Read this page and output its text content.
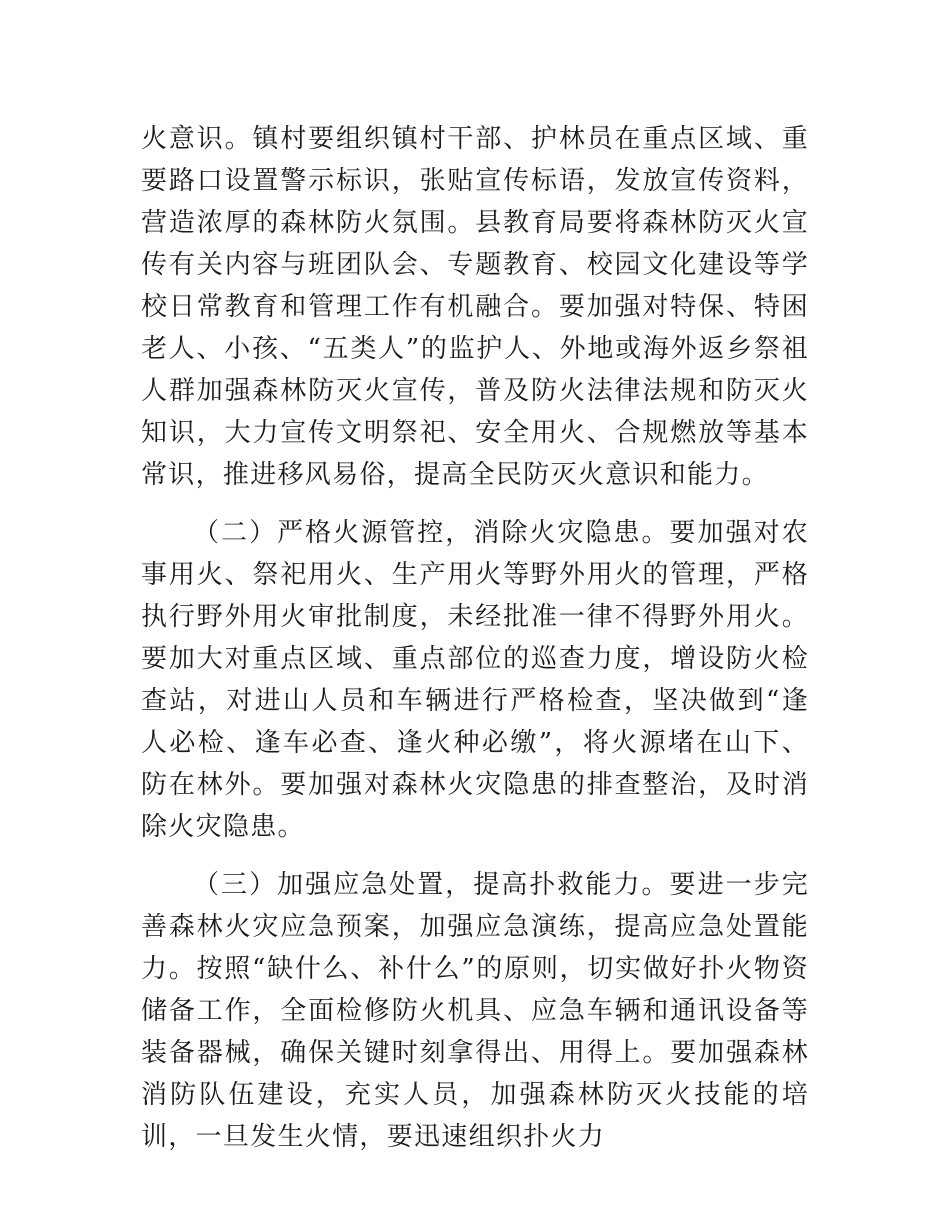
火意识。镇村要组织镇村干部、护林员在重点区域、重要路口设置警示标识，张贴宣传标语，发放宣传资料，营造浓厚的森林防火氛围。县教育局要将森林防灭火宣传有关内容与班团队会、专题教育、校园文化建设等学校日常教育和管理工作有机融合。要加强对特保、特困老人、小孩、“五类人”的监护人、外地或海外返乡祭祖人群加强森林防灭火宣传，普及防火法律法规和防灭火知识，大力宣传文明祭祀、安全用火、合规燃放等基本常识，推进移风易俗，提高全民防灭火意识和能力。

（二）严格火源管控，消除火灾隐患。要加强对农事用火、祭祀用火、生产用火等野外用火的管理，严格执行野外用火审批制度，未经批准一律不得野外用火。要加大对重点区域、重点部位的巡查力度，增设防火检查站，对进山人员和车辆进行严格检查，坚决做到“逢人必检、逢车必查、逢火种必缴”，将火源堵在山下、防在林外。要加强对森林火灾隐患的排查整治，及时消除火灾隐患。

（三）加强应急处置，提高扑救能力。要进一步完善森林火灾应急预案，加强应急演练，提高应急处置能力。按照“缺什么、补什么”的原则，切实做好扑火物资储备工作，全面检修防火机具、应急车辆和通讯设备等装备器械，确保关键时刻拿得出、用得上。要加强森林消防队伍建设，充实人员，加强森林防灭火技能的培训，一旦发生火情，要迅速组织扑火力
